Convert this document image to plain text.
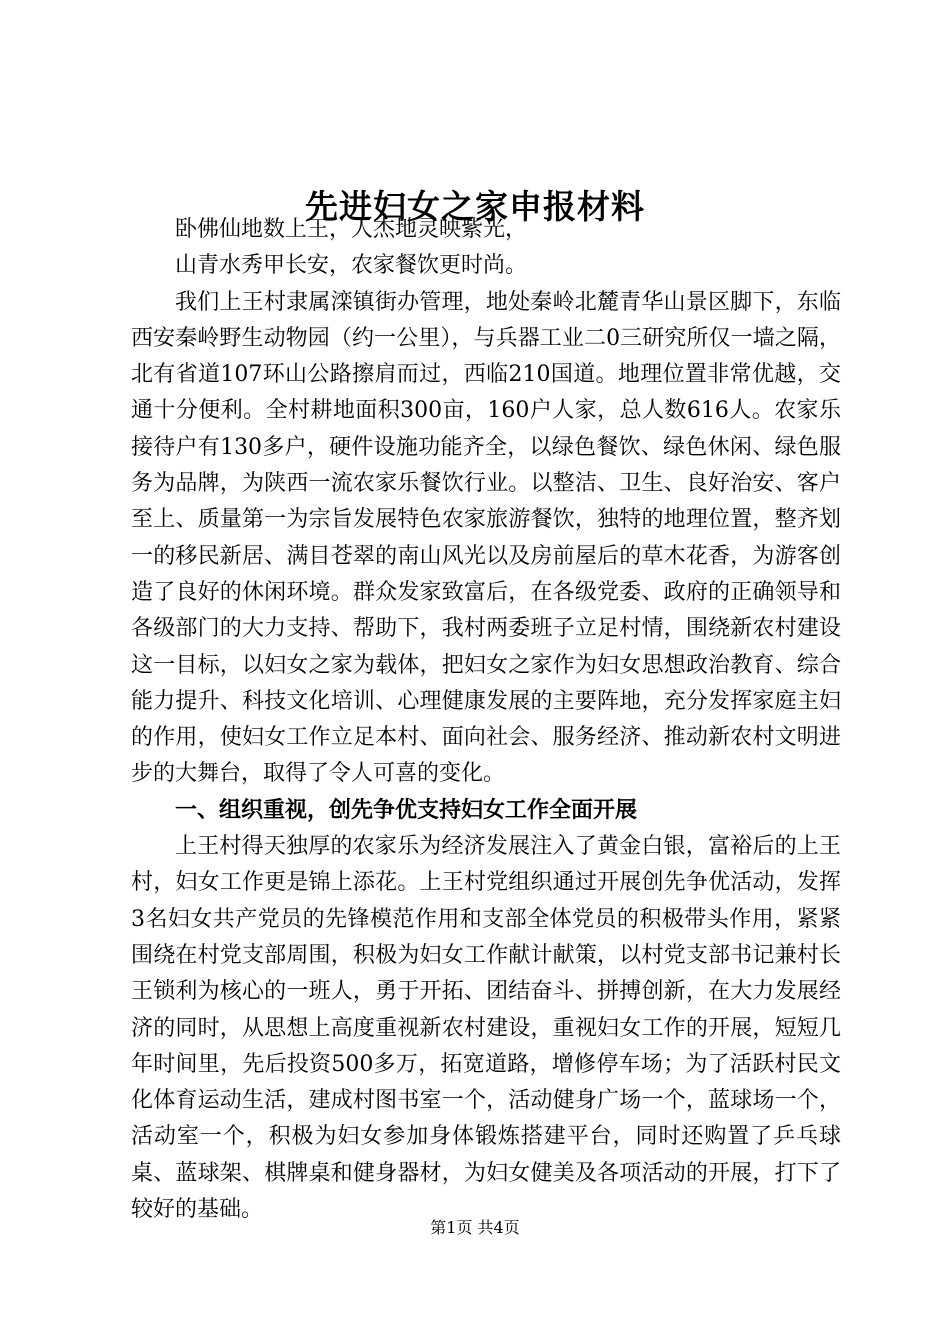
先进妇女之家申报材料

卧佛仙地数上王，人杰地灵映紫光，

山青水秀甲长安，农家餐饮更时尚。

我们上王村隶属滦镇街办管理，地处秦岭北麓青华山景区脚下，东临西安秦岭野生动物园（约一公里），与兵器工业二0三研究所仅一墙之隔，北有省道107环山公路擦肩而过，西临210国道。地理位置非常优越，交通十分便利。全村耕地面积300亩，160户人家，总人数616人。农家乐接待户有130多户，硬件设施功能齐全，以绿色餐饮、绿色休闲、绿色服务为品牌，为陕西一流农家乐餐饮行业。以整洁、卫生、良好治安、客户至上、质量第一为宗旨发展特色农家旅游餐饮，独特的地理位置，整齐划一的移民新居、满目苍翠的南山风光以及房前屋后的草木花香，为游客创造了良好的休闲环境。群众发家致富后，在各级党委、政府的正确领导和各级部门的大力支持、帮助下，我村两委班子立足村情，围绕新农村建设这一目标，以妇女之家为载体，把妇女之家作为妇女思想政治教育、综合能力提升、科技文化培训、心理健康发展的主要阵地，充分发挥家庭主妇的作用，使妇女工作立足本村、面向社会、服务经济、推动新农村文明进步的大舞台，取得了令人可喜的变化。

一、组织重视，创先争优支持妇女工作全面开展

上王村得天独厚的农家乐为经济发展注入了黄金白银，富裕后的上王村，妇女工作更是锦上添花。上王村党组织通过开展创先争优活动，发挥3名妇女共产党员的先锋模范作用和支部全体党员的积极带头作用，紧紧围绕在村党支部周围，积极为妇女工作献计献策，以村党支部书记兼村长王锁利为核心的一班人，勇于开拓、团结奋斗、拼搏创新，在大力发展经济的同时，从思想上高度重视新农村建设，重视妇女工作的开展，短短几年时间里，先后投资500多万，拓宽道路，增修停车场；为了活跃村民文化体育运动生活，建成村图书室一个，活动健身广场一个，蓝球场一个，活动室一个，积极为妇女参加身体锻炼搭建平台，同时还购置了乒乓球桌、蓝球架、棋牌桌和健身器材，为妇女健美及各项活动的开展，打下了较好的基础。

第1页 共4页
